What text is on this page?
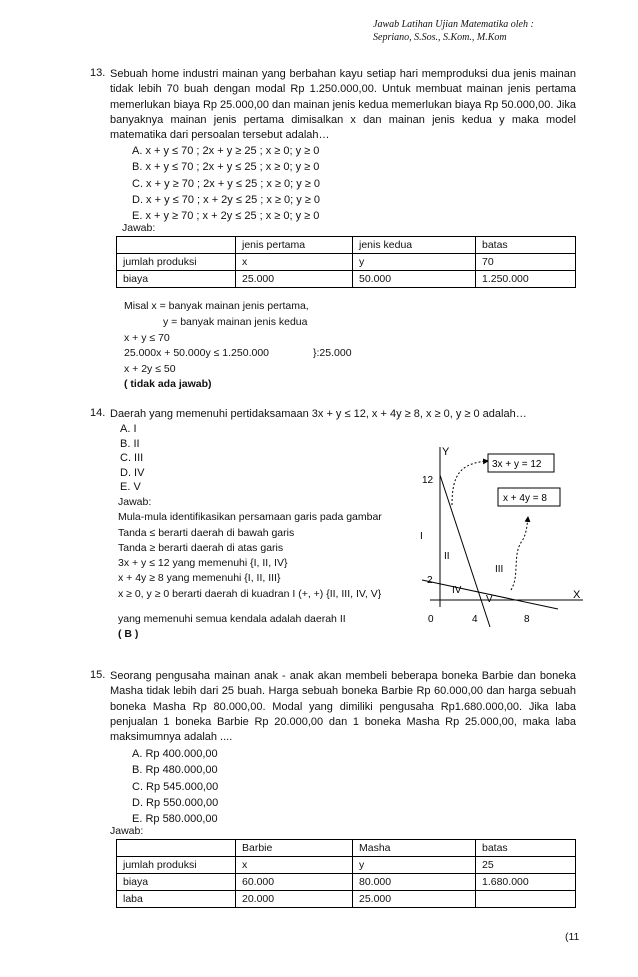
Jawab Latihan Ujian Matematika oleh :
Sepriano, S.Sos., S.Kom., M.Kom
13. Sebuah home industri mainan yang berbahan kayu setiap hari memproduksi dua jenis mainan tidak lebih 70 buah dengan modal Rp 1.250.000,00. Untuk membuat mainan jenis pertama memerlukan biaya Rp 25.000,00 dan mainan jenis kedua memerlukan biaya Rp 50.000,00. Jika banyaknya mainan jenis pertama dimisalkan x dan mainan jenis kedua y maka model matematika dari persoalan tersebut adalah…
A. x + y ≤ 70 ; 2x + y ≥ 25 ; x ≥ 0; y ≥ 0
B. x + y ≤ 70 ; 2x + y ≤ 25 ; x ≥ 0; y ≥ 0
C. x + y ≥ 70 ; 2x + y ≤ 25 ; x ≥ 0; y ≥ 0
D. x + y ≤ 70 ; x + 2y ≤ 25 ; x ≥ 0; y ≥ 0
E. x + y ≥ 70 ; x + 2y ≤ 25 ; x ≥ 0; y ≥ 0
Jawab:
	jenis pertama	jenis kedua	batas
jumlah produksi	x	y	70
biaya	25.000	50.000	1.250.000
Misal x = banyak mainan jenis pertama,
y = banyak mainan jenis kedua
x + y ≤ 70
25.000x + 50.000y ≤ 1.250.000	}:25.000
x + 2y ≤ 50
( tidak ada jawab)
14. Daerah yang memenuhi pertidaksamaan 3x + y ≤ 12, x + 4y ≥ 8, x ≥ 0, y ≥ 0 adalah…
A. I
B. II
C. III
D. IV
E. V
Jawab:
Mula-mula identifikasikan persamaan garis pada gambar
Tanda ≤ berarti daerah di bawah garis
Tanda ≥ berarti daerah di atas garis
3x + y ≤ 12 yang memenuhi {I, II, IV}
x + 4y ≥ 8 yang memenuhi {I, II, III}
x ≥ 0, y ≥ 0 berarti daerah di kuadran I (+, +) {II, III, IV, V}
yang memenuhi semua kendala adalah daerah II
( B )
3x + y = 12
x + 4y = 8
Y
X
12
2
0	4	8
I
II
III
IV
V
15. Seorang pengusaha mainan anak - anak akan membeli beberapa boneka Barbie dan boneka Masha tidak lebih dari 25 buah. Harga sebuah boneka Barbie Rp 60.000,00 dan harga sebuah boneka Masha Rp 80.000,00. Modal yang dimiliki pengusaha Rp1.680.000,00. Jika laba penjualan 1 boneka Barbie Rp 20.000,00 dan 1 boneka Masha Rp 25.000,00, maka laba maksimumnya adalah ....
A. Rp 400.000,00
B. Rp 480.000,00
C. Rp 545.000,00
D. Rp 550.000,00
E. Rp 580.000,00
Jawab:
	Barbie	Masha	batas
jumlah produksi	x	y	25
biaya	60.000	80.000	1.680.000
laba	20.000	25.000	
(11
